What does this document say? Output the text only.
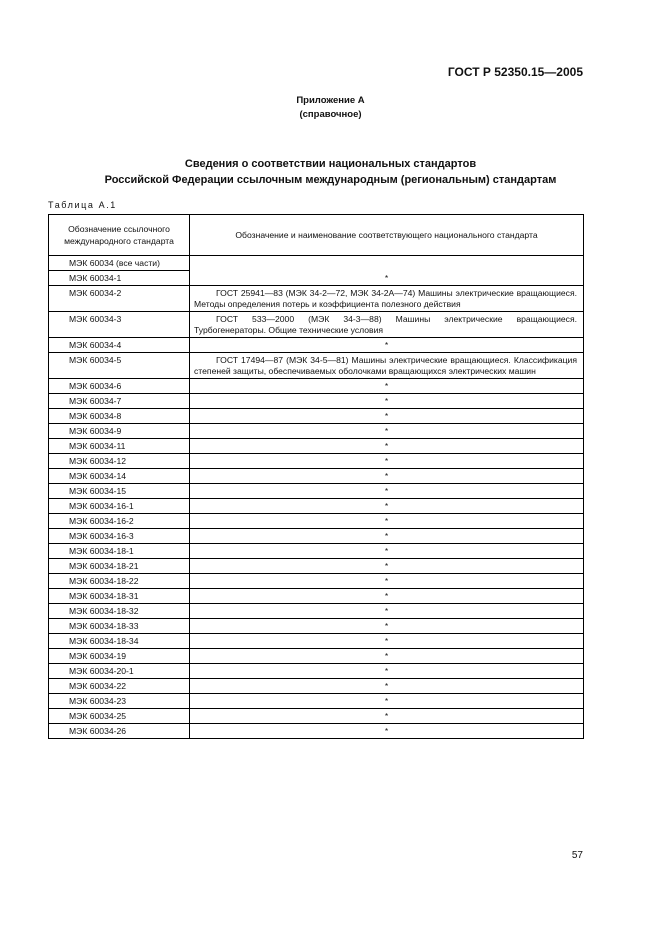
ГОСТ Р 52350.15—2005
Приложение А
(справочное)
Сведения о соответствии национальных стандартов
Российской Федерации ссылочным международным (региональным) стандартам
Таблица А.1
Обозначение ссылочного международного стандарта	Обозначение и наименование соответствующего национального стандарта
МЭК 60034 (все части)	
МЭК 60034-1	*
МЭК 60034-2	ГОСТ 25941—83 (МЭК 34-2—72, МЭК 34-2А—74) Машины электрические вращающиеся. Методы определения потерь и коэффициента полезного действия
МЭК 60034-3	ГОСТ 533—2000 (МЭК 34-3—88) Машины электрические вращающиеся. Турбогенераторы. Общие технические условия
МЭК 60034-4	*
МЭК 60034-5	ГОСТ 17494—87 (МЭК 34-5—81) Машины электрические вращающиеся. Классификация степеней защиты, обеспечиваемых оболочками вращающихся электрических машин
МЭК 60034-6	*
МЭК 60034-7	*
МЭК 60034-8	*
МЭК 60034-9	*
МЭК 60034-11	*
МЭК 60034-12	*
МЭК 60034-14	*
МЭК 60034-15	*
МЭК 60034-16-1	*
МЭК 60034-16-2	*
МЭК 60034-16-3	*
МЭК 60034-18-1	*
МЭК 60034-18-21	*
МЭК 60034-18-22	*
МЭК 60034-18-31	*
МЭК 60034-18-32	*
МЭК 60034-18-33	*
МЭК 60034-18-34	*
МЭК 60034-19	*
МЭК 60034-20-1	*
МЭК 60034-22	*
МЭК 60034-23	*
МЭК 60034-25	*
МЭК 60034-26	*
57
